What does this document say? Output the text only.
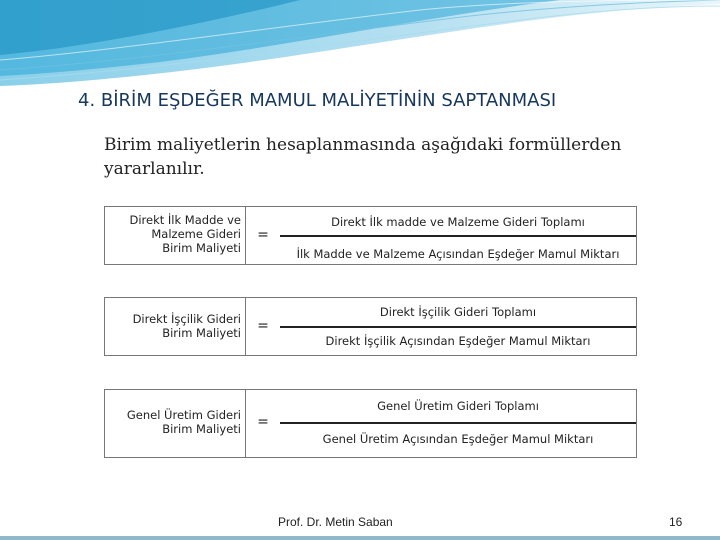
4. BİRİM EŞDEĞER MAMUL MALİYETİNİN SAPTANMASI

Birim maliyetlerin hesaplanmasında aşağıdaki formüllerden yararlanılır.

Direkt İlk Madde ve
Malzeme Gideri
Birim Maliyeti
=
Direkt İlk madde ve Malzeme Gideri Toplamı
İlk Madde ve Malzeme Açısından Eşdeğer Mamul Miktarı
Direkt İşçilik Gideri
Birim Maliyeti	=
Direkt İşçilik Gideri Toplamı
Direkt İşçilik Açısından Eşdeğer Mamul Miktarı
Genel Üretim Gideri
Birim Maliyeti	=
Genel Üretim Gideri Toplamı
Genel Üretim Açısından Eşdeğer Mamul Miktarı
Prof. Dr. Metin Saban	16
